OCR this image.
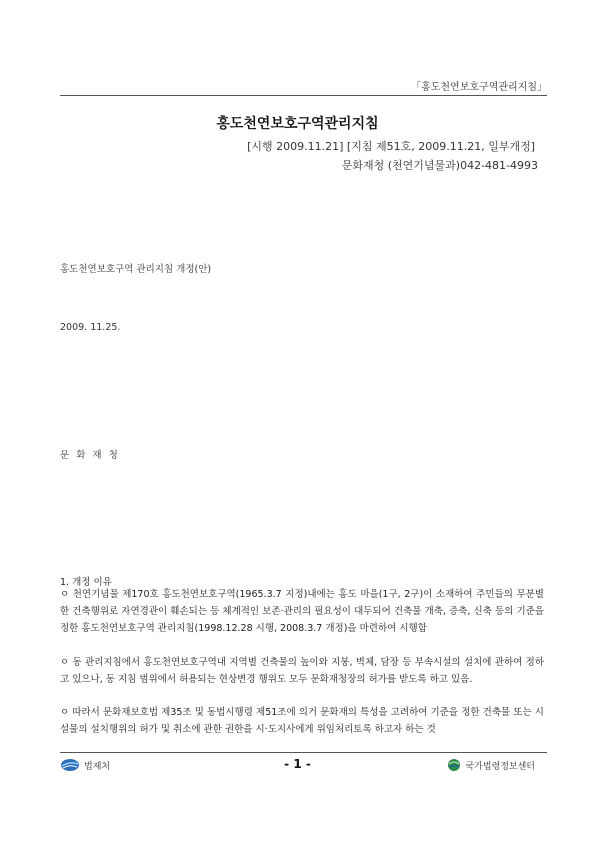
「홍도천연보호구역관리지침」
홍도천연보호구역관리지침
[시행 2009.11.21] [지침 제51호, 2009.11.21, 일부개정]
문화재청 (천연기념물과)042-481-4993
홍도천연보호구역 관리지침 개정(안)
2009. 11.25.
문 화 재 청
1. 개정 이유
ㅇ 천연기념물 제170호 홍도천연보호구역(1965.3.7 지정)내에는 홍도 마을(1구, 2구)이 소재하여 주민들의 무분별한 건축행위로 자연경관이 훼손되는 등 체계적인 보존·관리의 필요성이 대두되어 건축물 개축, 증축, 신축 등의 기준을 정한 홍도천연보호구역 관리지침(1998.12.28 시행, 2008.3.7 개정)을 마련하여 시행함
ㅇ 동 관리지침에서 홍도천연보호구역내 지역별 건축물의 높이와 지붕, 벽체, 담장 등 부속시설의 설치에 관하여 정하고 있으나, 동 지침 범위에서 허용되는 현상변경 행위도 모두 문화재청장의 허가를 받도록 하고 있음.
ㅇ 따라서 문화재보호법 제35조 및 동법시행령 제51조에 의거 문화재의 특성을 고려하여 기준을 정한 건축물 또는 시설물의 설치행위의 허가 및 취소에 관한 권한을 시·도지사에게 위임처리토록 하고자 하는 것
법제처	- 1 -	국가법령정보센터
